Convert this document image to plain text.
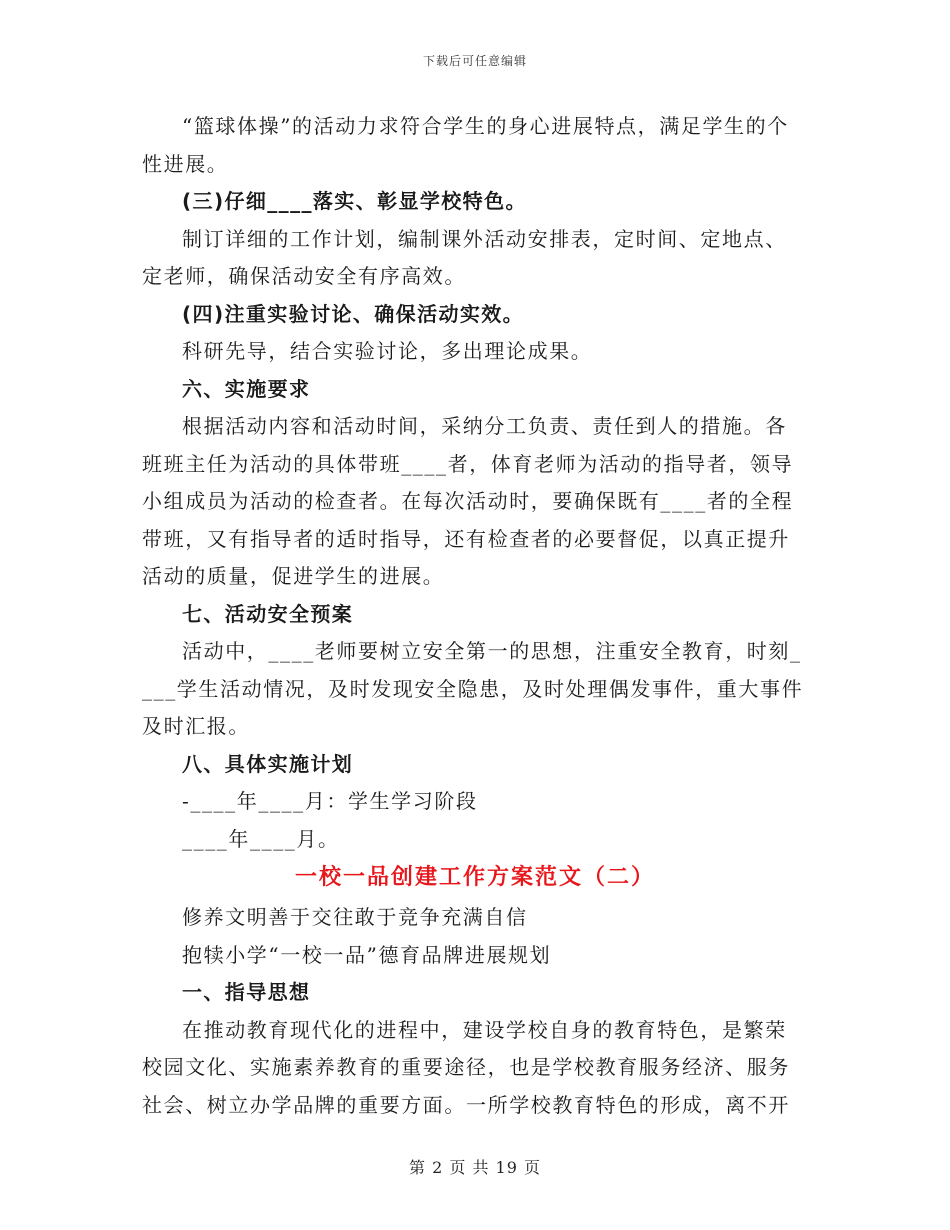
下载后可任意编辑

“篮球体操”的活动力求符合学生的身心进展特点，满足学生的个性进展。

(三)仔细____落实、彰显学校特色。

制订详细的工作计划，编制课外活动安排表，定时间、定地点、定老师，确保活动安全有序高效。

(四)注重实验讨论、确保活动实效。

科研先导，结合实验讨论，多出理论成果。

六、实施要求

根据活动内容和活动时间，采纳分工负责、责任到人的措施。各班班主任为活动的具体带班____者，体育老师为活动的指导者，领导小组成员为活动的检查者。在每次活动时，要确保既有____者的全程带班，又有指导者的适时指导，还有检查者的必要督促，以真正提升活动的质量，促进学生的进展。

七、活动安全预案

活动中，____老师要树立安全第一的思想，注重安全教育，时刻____学生活动情况，及时发现安全隐患，及时处理偶发事件，重大事件及时汇报。

八、具体实施计划

-____年____月：学生学习阶段

____年____月。

一校一品创建工作方案范文（二）

修养文明善于交往敢于竞争充满自信

抱犊小学“一校一品”德育品牌进展规划

一、指导思想

在推动教育现代化的进程中，建设学校自身的教育特色，是繁荣校园文化、实施素养教育的重要途径，也是学校教育服务经济、服务社会、树立办学品牌的重要方面。一所学校教育特色的形成，离不开

第 2 页 共 19 页
